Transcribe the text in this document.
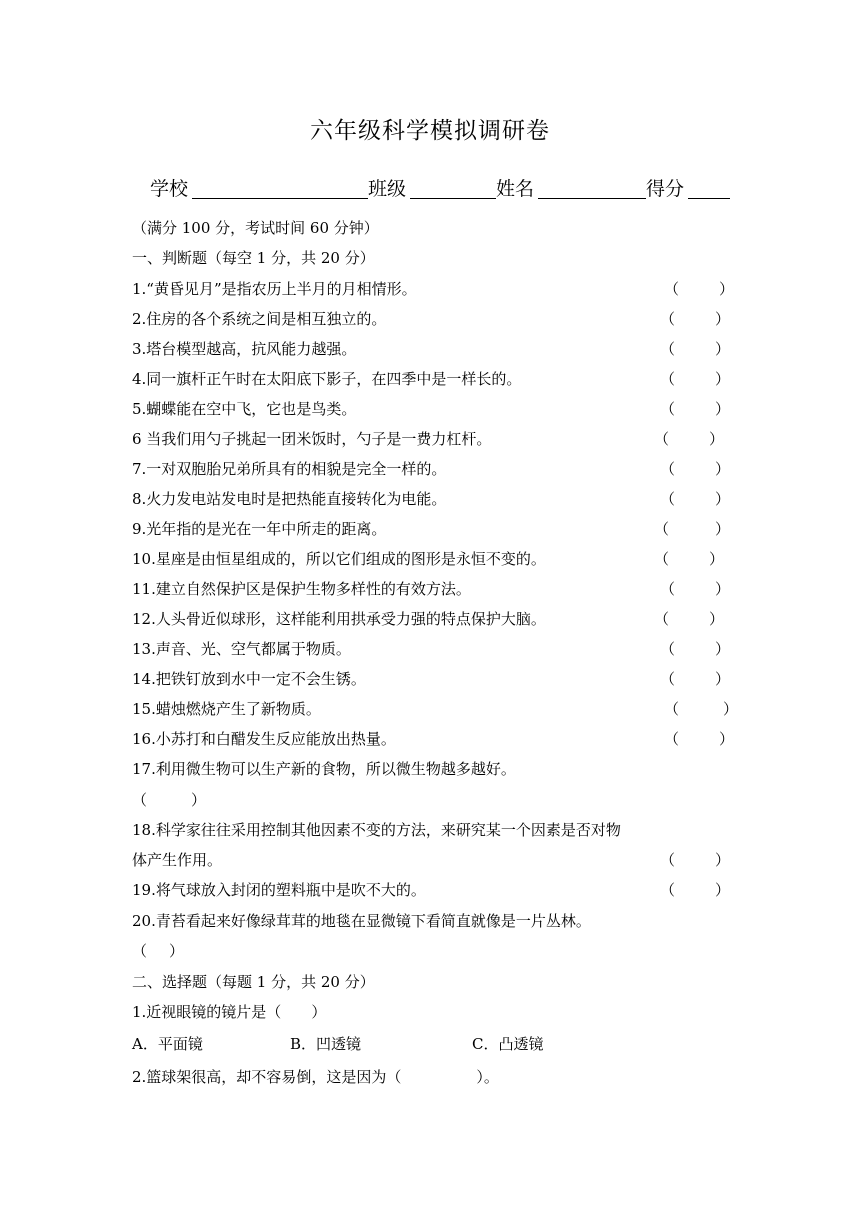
六年级科学模拟调研卷
学校	班级	姓名	得分
（满分 100 分，考试时间 60 分钟）
一、判断题（每空 1 分，共 20 分）
1.“黄昏见月”是指农历上半月的月相情形。	（	）
2.住房的各个系统之间是相互独立的。	（	）
3.塔台模型越高，抗风能力越强。	（	）
4.同一旗杆正午时在太阳底下影子，在四季中是一样长的。	（	）
5.蝴蝶能在空中飞，它也是鸟类。	（	）
6 当我们用勺子挑起一团米饭时，勺子是一费力杠杆。	（	）
7.一对双胞胎兄弟所具有的相貌是完全一样的。	（	）
8.火力发电站发电时是把热能直接转化为电能。	（	）
9.光年指的是光在一年中所走的距离。	（	）
10.星座是由恒星组成的，所以它们组成的图形是永恒不变的。	（	）
11.建立自然保护区是保护生物多样性的有效方法。	（	）
12.人头骨近似球形，这样能利用拱承受力强的特点保护大脑。	（	）
13.声音、光、空气都属于物质。	（	）
14.把铁钉放到水中一定不会生锈。	（	）
15.蜡烛燃烧产生了新物质。	（	）
16.小苏打和白醋发生反应能放出热量。	（	）
17.利用微生物可以生产新的食物，所以微生物越多越好。
（	）
18.科学家往往采用控制其他因素不变的方法，来研究某一个因素是否对物
体产生作用。	（	）
19.将气球放入封闭的塑料瓶中是吹不大的。	（	）
20.青苔看起来好像绿茸茸的地毯在显微镜下看简直就像是一片丛林。
（ ）
二、选择题（每题 1 分，共 20 分）
1.近视眼镜的镜片是（　　）
A．平面镜	B．凹透镜	C．凸透镜
2.篮球架很高，却不容易倒，这是因为（　　　　　）。
